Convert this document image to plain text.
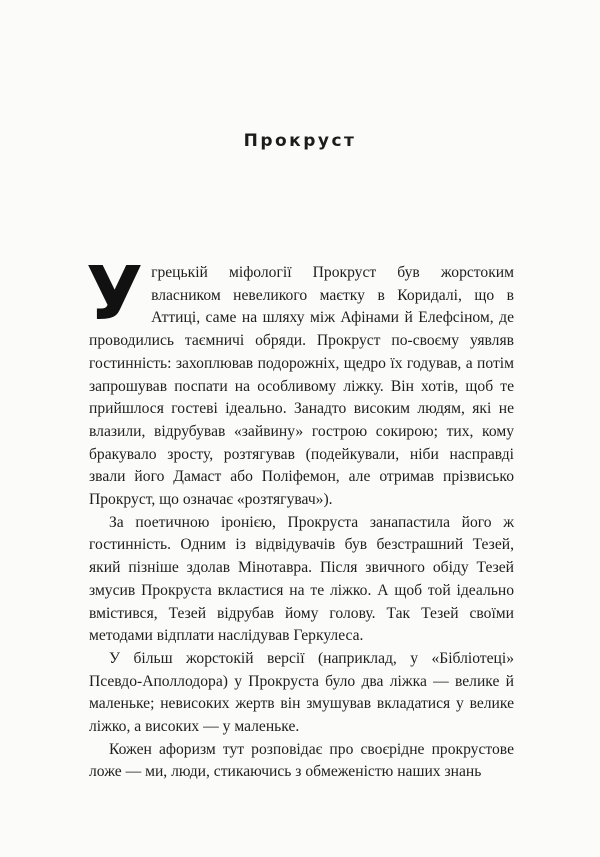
Прокруст

У грецькій міфології Прокруст був жорстоким власником невеликого маєтку в Коридалі, що в Аттиці, саме на шляху між Афінами й Елефсіном, де проводились таємничі обряди. Прокруст по-своєму уявляв гостинність: захоплював подорожніх, щедро їх годував, а потім запрошував поспати на особливому ліжку. Він хотів, щоб те прийшлося гостеві ідеально. Занадто високим людям, які не влазили, відрубував «зайвину» гострою сокирою; тих, кому бракувало зросту, розтягував (подейкували, ніби насправді звали його Дамаст або Поліфемон, але отримав прізвисько Прокруст, що означає «розтягувач»).

За поетичною іронією, Прокруста занапастила його ж гостинність. Одним із відвідувачів був безстрашний Тезей, який пізніше здолав Мінотавра. Після звичного обіду Тезей змусив Прокруста вкластися на те ліжко. А щоб той ідеально вмістився, Тезей відрубав йому голову. Так Тезей своїми методами відплати наслідував Геркулеса.

У більш жорстокій версії (наприклад, у «Бібліотеці» Псевдо-Аполлодора) у Прокруста було два ліжка — велике й маленьке; невисоких жертв він змушував вкладатися у велике ліжко, а високих — у маленьке.

Кожен афоризм тут розповідає про своєрідне прокрустове ложе — ми, люди, стикаючись з обмеженістю наших знань
